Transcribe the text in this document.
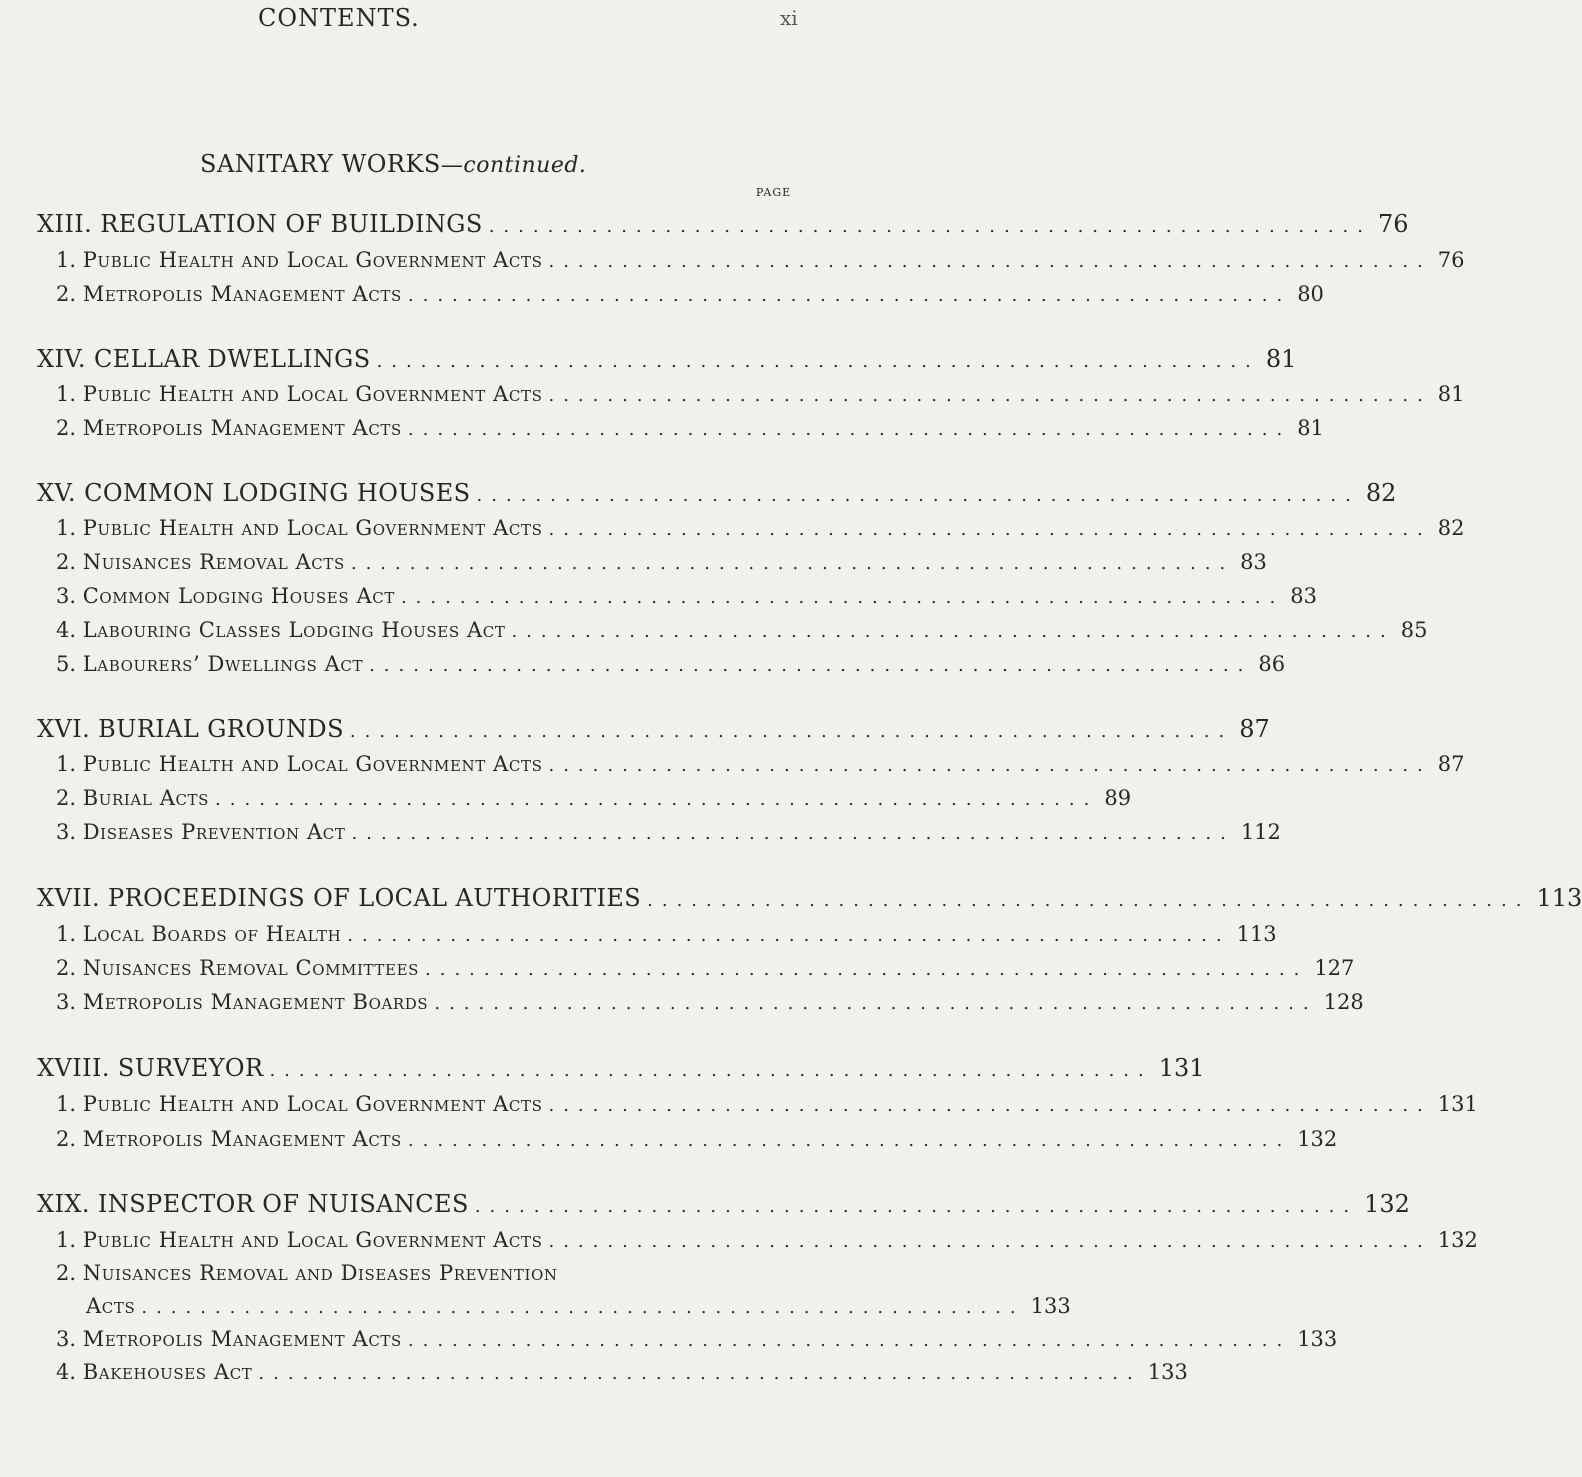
CONTENTS.	xi
SANITARY WORKS—continued.
PAGE
XIII. REGULATION OF BUILDINGS ............................................................ 76
1. Public Health and Local Government Acts ............................................................ 76
2. Metropolis Management Acts ............................................................ 80
XIV. CELLAR DWELLINGS ............................................................ 81
1. Public Health and Local Government Acts ............................................................ 81
2. Metropolis Management Acts ............................................................ 81
XV. COMMON LODGING HOUSES ............................................................ 82
1. Public Health and Local Government Acts ............................................................ 82
2. Nuisances Removal Acts ............................................................ 83
3. Common Lodging Houses Act ............................................................ 83
4. Labouring Classes Lodging Houses Act ............................................................ 85
5. Labourers’ Dwellings Act ............................................................ 86
XVI. BURIAL GROUNDS ............................................................ 87
1. Public Health and Local Government Acts ............................................................ 87
2. Burial Acts ............................................................ 89
3. Diseases Prevention Act ............................................................ 112
XVII. PROCEEDINGS OF LOCAL AUTHORITIES ............................................................ 113
1. Local Boards of Health ............................................................ 113
2. Nuisances Removal Committees ............................................................ 127
3. Metropolis Management Boards ............................................................ 128
XVIII. SURVEYOR ............................................................ 131
1. Public Health and Local Government Acts ............................................................ 131
2. Metropolis Management Acts ............................................................ 132
XIX. INSPECTOR OF NUISANCES ............................................................ 132
1. Public Health and Local Government Acts ............................................................ 132
2. Nuisances Removal and Diseases Prevention
Acts ............................................................ 133
3. Metropolis Management Acts ............................................................ 133
4. Bakehouses Act ............................................................ 133
